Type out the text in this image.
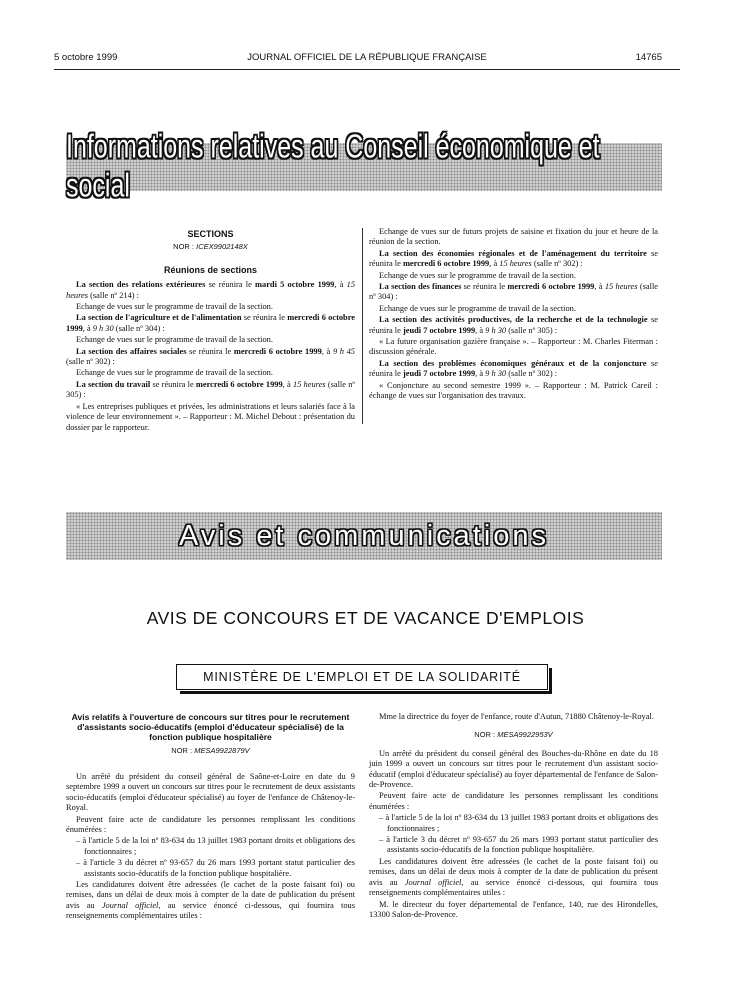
5 octobre 1999	JOURNAL OFFICIEL DE LA RÉPUBLIQUE FRANÇAISE	14765
Informations relatives au Conseil économique et social
SECTIONS
NOR : ICEX9902148X
Réunions de sections

La section des relations extérieures se réunira le mardi 5 octobre 1999, à 15 heures (salle nº 214) :

Echange de vues sur le programme de travail de la section.

La section de l'agriculture et de l'alimentation se réunira le mercredi 6 octobre 1999, à 9 h 30 (salle nº 304) :

Echange de vues sur le programme de travail de la section.

La section des affaires sociales se réunira le mercredi 6 octobre 1999, à 9 h 45 (salle nº 302) :

Echange de vues sur le programme de travail de la section.

La section du travail se réunira le mercredi 6 octobre 1999, à 15 heures (salle nº 305) :

« Les entreprises publiques et privées, les administrations et leurs salariés face à la violence de leur environnement ». – Rapporteur : M. Michel Debout : présentation du dossier par le rapporteur.

Echange de vues sur de futurs projets de saisine et fixation du jour et heure de la réunion de la section.

La section des économies régionales et de l'aménagement du territoire se réunira le mercredi 6 octobre 1999, à 15 heures (salle nº 302) :

Echange de vues sur le programme de travail de la section.

La section des finances se réunira le mercredi 6 octobre 1999, à 15 heures (salle nº 304) :

Echange de vues sur le programme de travail de la section.

La section des activités productives, de la recherche et de la technologie se réunira le jeudi 7 octobre 1999, à 9 h 30 (salle nº 305) :

« La future organisation gazière française ». – Rapporteur : M. Charles Fiterman : discussion générale.

La section des problèmes économiques généraux et de la conjoncture se réunira le jeudi 7 octobre 1999, à 9 h 30 (salle nº 302) :

« Conjoncture au second semestre 1999 ». – Rapporteur : M. Patrick Careil : échange de vues sur l'organisation des travaux.

Avis et communications
AVIS DE CONCOURS ET DE VACANCE D'EMPLOIS
MINISTÈRE DE L'EMPLOI ET DE LA SOLIDARITÉ
Avis relatifs à l'ouverture de concours sur titres pour le recrutement d'assistants socio-éducatifs (emploi d'éducateur spécialisé) de la fonction publique hospitalière
NOR : MESA9922879V

Un arrêté du président du conseil général de Saône-et-Loire en date du 9 septembre 1999 a ouvert un concours sur titres pour le recrutement de deux assistants socio-éducatifs (emploi d'éducateur spécialisé) au foyer de l'enfance de Châtenoy-le-Royal.

Peuvent faire acte de candidature les personnes remplissant les conditions énumérées :

– à l'article 5 de la loi nº 83-634 du 13 juillet 1983 portant droits et obligations des fonctionnaires ;

– à l'article 3 du décret nº 93-657 du 26 mars 1993 portant statut particulier des assistants socio-éducatifs de la fonction publique hospitalière.

Les candidatures doivent être adressées (le cachet de la poste faisant foi) ou remises, dans un délai de deux mois à compter de la date de publication du présent avis au Journal officiel, au service énoncé ci-dessous, qui fournira tous renseignements complémentaires utiles :

Mme la directrice du foyer de l'enfance, route d'Autun, 71880 Châtenoy-le-Royal.

NOR : MESA9922953V

Un arrêté du président du conseil général des Bouches-du-Rhône en date du 18 juin 1999 a ouvert un concours sur titres pour le recrutement d'un assistant socio-éducatif (emploi d'éducateur spécialisé) au foyer départemental de l'enfance de Salon-de-Provence.

Peuvent faire acte de candidature les personnes remplissant les conditions énumérées :

– à l'article 5 de la loi nº 83-634 du 13 juillet 1983 portant droits et obligations des fonctionnaires ;

– à l'article 3 du décret nº 93-657 du 26 mars 1993 portant statut particulier des assistants socio-éducatifs de la fonction publique hospitalière.

Les candidatures doivent être adressées (le cachet de la poste faisant foi) ou remises, dans un délai de deux mois à compter de la date de publication du présent avis au Journal officiel, au service énoncé ci-dessous, qui fournira tous renseignements complémentaires utiles :

M. le directeur du foyer départemental de l'enfance, 140, rue des Hirondelles, 13300 Salon-de-Provence.
